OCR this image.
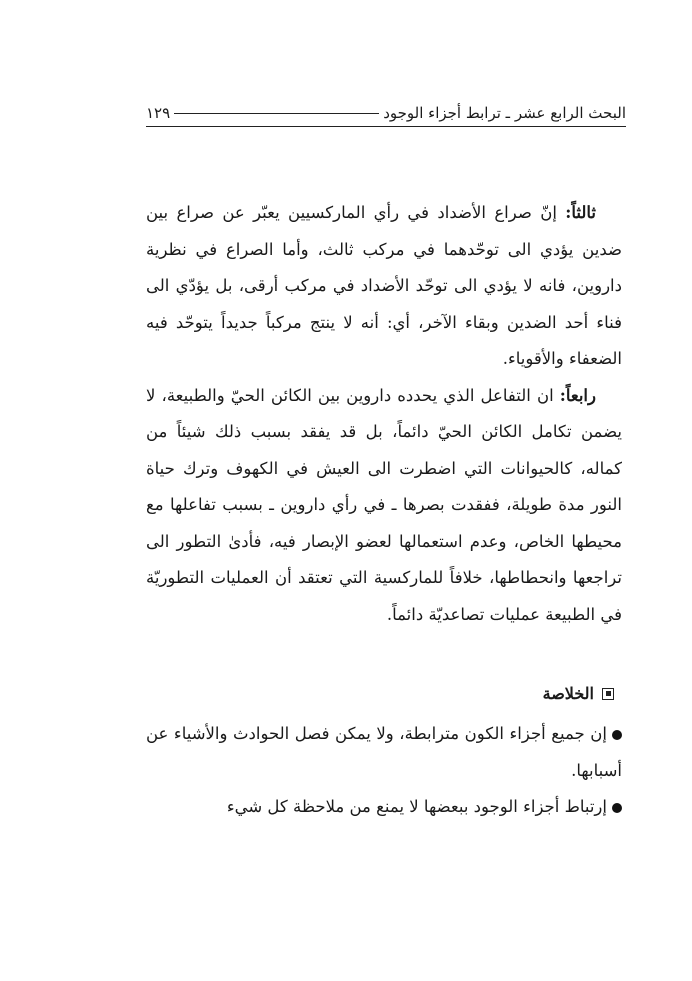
البحث الرابع عشر ـ ترابط أجزاء الوجود
١٢٩

ثالثاً: إنّ صراع الأضداد في رأي الماركسيين يعبّر عن صراع بين ضدين يؤدي الى توحّدهما في مركب ثالث، وأما الصراع في نظرية داروين، فانه لا يؤدي الى توحّد الأضداد في مركب أرقى، بل يؤدّي الى فناء أحد الضدين وبقاء الآخر، أي: أنه لا ينتج مركباً جديداً يتوحّد فيه الضعفاء والأقوياء.

رابعاً: ان التفاعل الذي يحدده داروين بين الكائن الحيّ والطبيعة، لا يضمن تكامل الكائن الحيّ دائماً، بل قد يفقد بسبب ذلك شيئاً من كماله، كالحيوانات التي اضطرت الى العيش في الكهوف وترك حياة النور مدة طويلة، ففقدت بصرها ـ في رأي داروين ـ بسبب تفاعلها مع محيطها الخاص، وعدم استعمالها لعضو الإبصار فيه، فأدىٰ التطور الى تراجعها وانحطاطها، خلافاً للماركسية التي تعتقد أن العمليات التطوريّة في الطبيعة عمليات تصاعديّة دائماً.

الخلاصة

إن جميع أجزاء الكون مترابطة، ولا يمكن فصل الحوادث والأشياء عن أسبابها.

إرتباط أجزاء الوجود ببعضها لا يمنع من ملاحظة كل شيء
